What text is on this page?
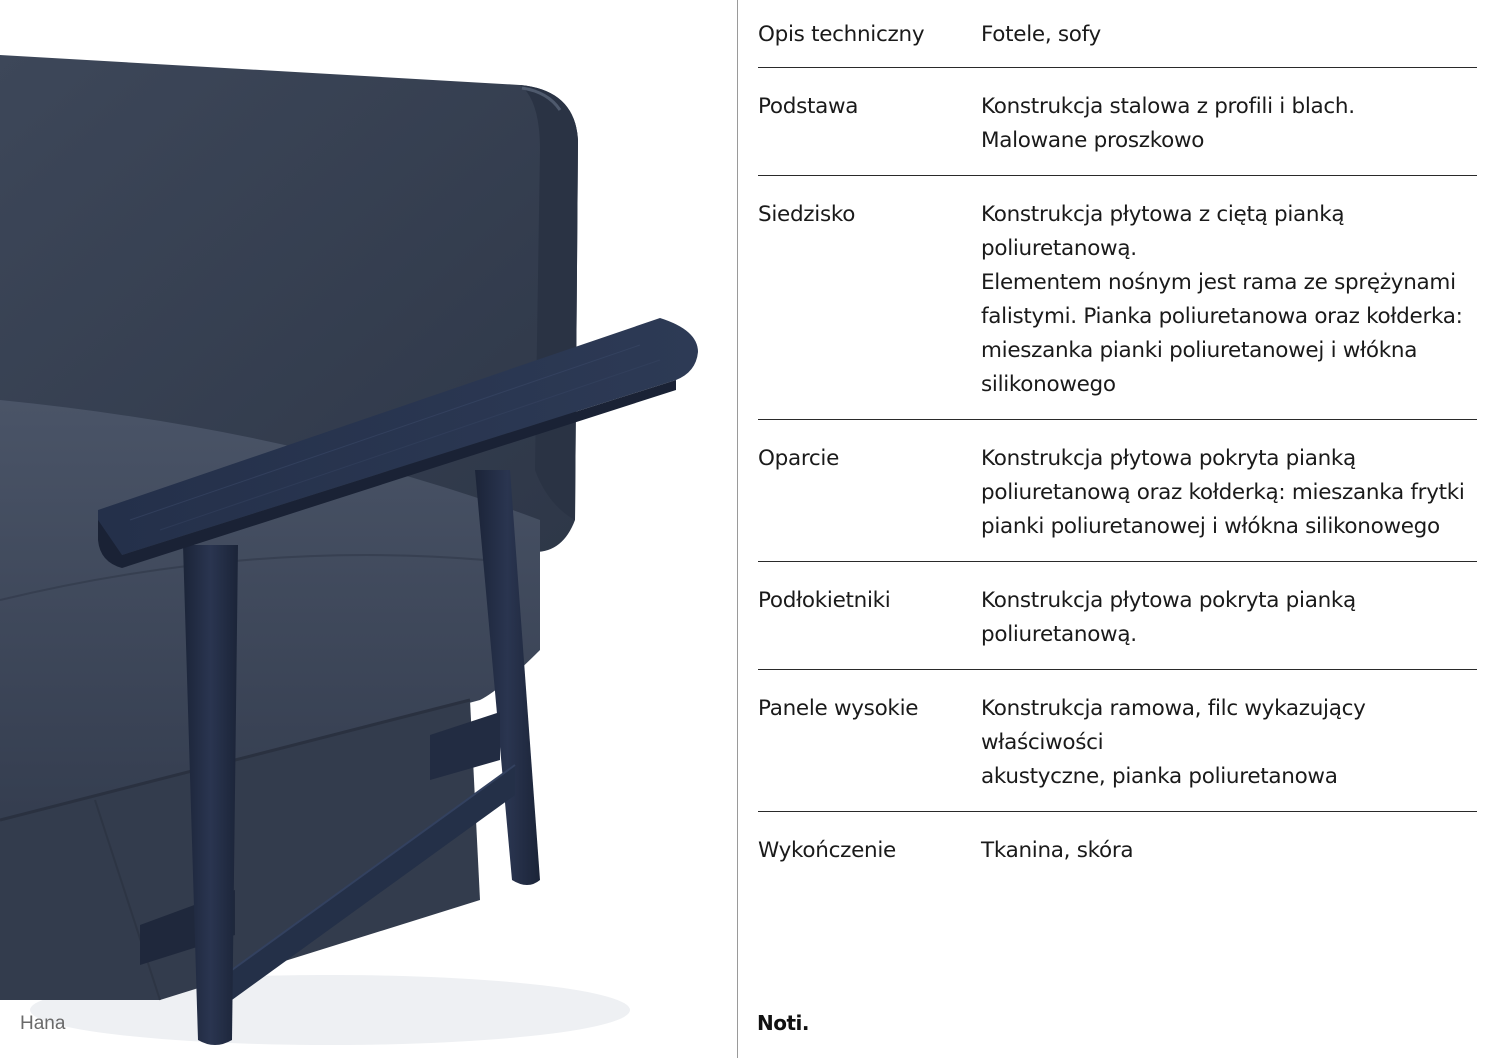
Hana
Opis techniczny	Fotele, sofy
Podstawa	Konstrukcja stalowa z profili i blach.
Malowane proszkowo
Siedzisko	Konstrukcja płytowa z ciętą pianką poliuretanową.
Elementem nośnym jest rama ze sprężynami
falistymi. Pianka poliuretanowa oraz kołderka:
mieszanka pianki poliuretanowej i włókna
silikonowego
Oparcie	Konstrukcja płytowa pokryta pianką
poliuretanową oraz kołderką: mieszanka frytki
pianki poliuretanowej i włókna silikonowego
Podłokietniki	Konstrukcja płytowa pokryta pianką
poliuretanową.
Panele wysokie	Konstrukcja ramowa, filc wykazujący właściwości
akustyczne, pianka poliuretanowa
Wykończenie	Tkanina, skóra
Noti.
